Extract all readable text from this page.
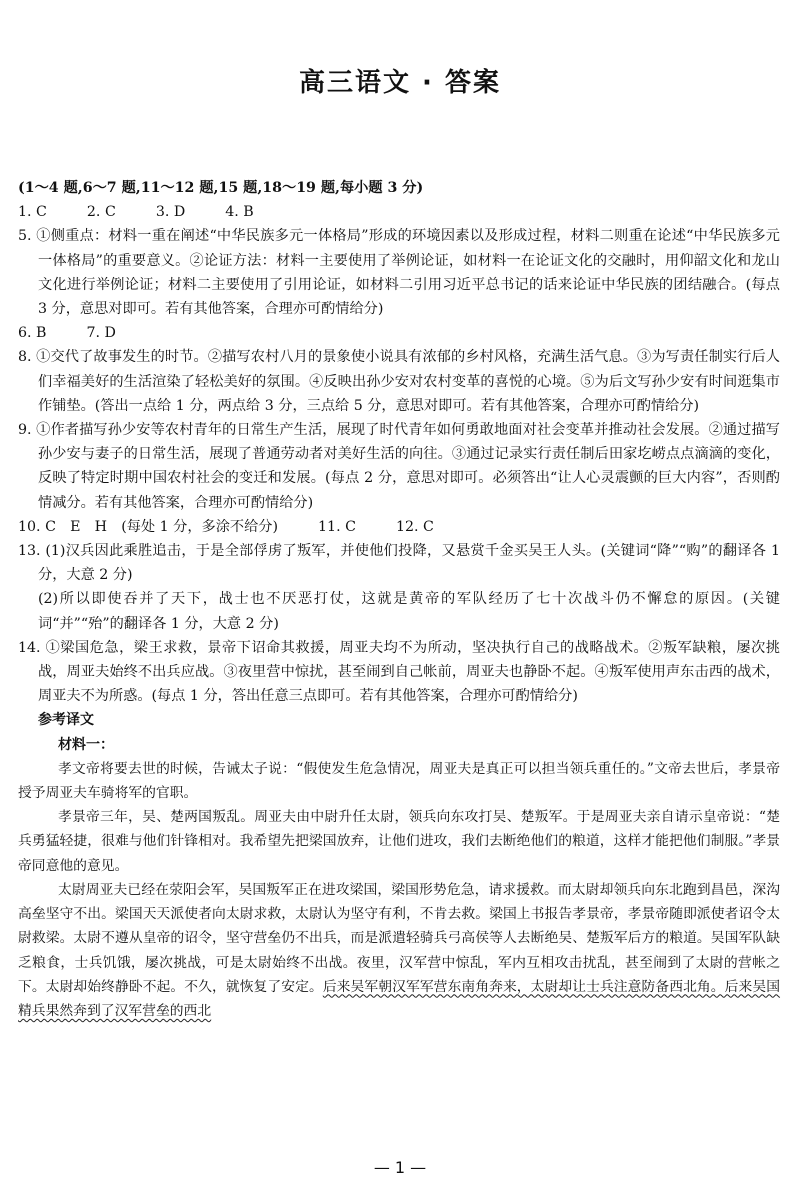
高三语文 · 答案

(1～4 题,6～7 题,11～12 题,15 题,18～19 题,每小题 3 分)

1. C	2. C	3. D	4. B

5. ①侧重点：材料一重在阐述“中华民族多元一体格局”形成的环境因素以及形成过程，材料二则重在论述“中华民族多元一体格局”的重要意义。②论证方法：材料一主要使用了举例论证，如材料一在论证文化的交融时，用仰韶文化和龙山文化进行举例论证；材料二主要使用了引用论证，如材料二引用习近平总书记的话来论证中华民族的团结融合。(每点 3 分，意思对即可。若有其他答案，合理亦可酌情给分)

6. B	7. D

8. ①交代了故事发生的时节。②描写农村八月的景象使小说具有浓郁的乡村风格，充满生活气息。③为写责任制实行后人们幸福美好的生活渲染了轻松美好的氛围。④反映出孙少安对农村变革的喜悦的心境。⑤为后文写孙少安有时间逛集市作铺垫。(答出一点给 1 分，两点给 3 分，三点给 5 分，意思对即可。若有其他答案，合理亦可酌情给分)

9. ①作者描写孙少安等农村青年的日常生产生活，展现了时代青年如何勇敢地面对社会变革并推动社会发展。②通过描写孙少安与妻子的日常生活，展现了普通劳动者对美好生活的向往。③通过记录实行责任制后田家圪崂点点滴滴的变化，反映了特定时期中国农村社会的变迁和发展。(每点 2 分，意思对即可。必须答出“让人心灵震颤的巨大内容”，否则酌情减分。若有其他答案，合理亦可酌情给分)

10. C　E　H　(每处 1 分，多涂不给分)	11. C	12. C

13. (1)汉兵因此乘胜追击，于是全部俘虏了叛军，并使他们投降，又悬赏千金买吴王人头。(关键词“降”“购”的翻译各 1 分，大意 2 分)

(2)所以即使吞并了天下，战士也不厌恶打仗，这就是黄帝的军队经历了七十次战斗仍不懈怠的原因。(关键词“并”“殆”的翻译各 1 分，大意 2 分)

14. ①梁国危急，梁王求救，景帝下诏命其救援，周亚夫均不为所动，坚决执行自己的战略战术。②叛军缺粮，屡次挑战，周亚夫始终不出兵应战。③夜里营中惊扰，甚至闹到自己帐前，周亚夫也静卧不起。④叛军使用声东击西的战术，周亚夫不为所惑。(每点 1 分，答出任意三点即可。若有其他答案，合理亦可酌情给分)

参考译文

材料一：

孝文帝将要去世的时候，告诫太子说：“假使发生危急情况，周亚夫是真正可以担当领兵重任的。”文帝去世后，孝景帝授予周亚夫车骑将军的官职。

孝景帝三年，吴、楚两国叛乱。周亚夫由中尉升任太尉，领兵向东攻打吴、楚叛军。于是周亚夫亲自请示皇帝说：“楚兵勇猛轻捷，很难与他们针锋相对。我希望先把梁国放弃，让他们进攻，我们去断绝他们的粮道，这样才能把他们制服。”孝景帝同意他的意见。

太尉周亚夫已经在荥阳会军，吴国叛军正在进攻梁国，梁国形势危急，请求援救。而太尉却领兵向东北跑到昌邑，深沟高垒坚守不出。梁国天天派使者向太尉求救，太尉认为坚守有利，不肯去救。梁国上书报告孝景帝，孝景帝随即派使者诏令太尉救梁。太尉不遵从皇帝的诏令，坚守营垒仍不出兵，而是派遣轻骑兵弓高侯等人去断绝吴、楚叛军后方的粮道。吴国军队缺乏粮食，士兵饥饿，屡次挑战，可是太尉始终不出战。夜里，汉军营中惊乱，军内互相攻击扰乱，甚至闹到了太尉的营帐之下。太尉却始终静卧不起。不久，就恢复了安定。后来吴军朝汉军军营东南角奔来，太尉却让士兵注意防备西北角。后来吴国精兵果然奔到了汉军营垒的西北

— 1 —
